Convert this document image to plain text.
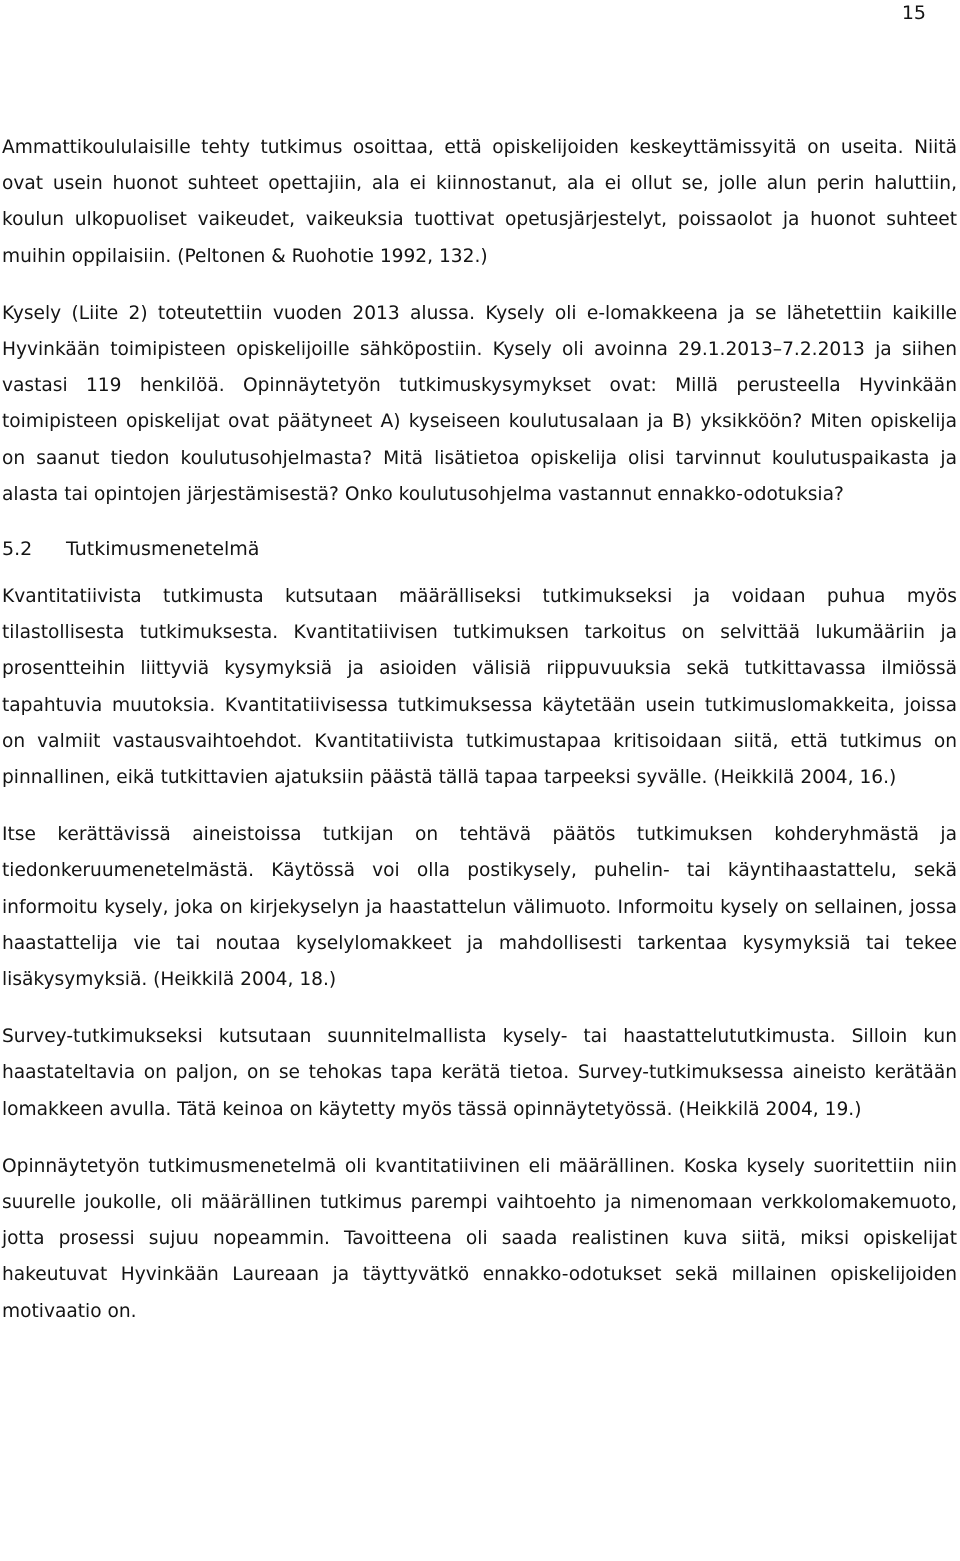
15

Ammattikoululaisille tehty tutkimus osoittaa, että opiskelijoiden keskeyttämissyitä on useita. Niitä ovat usein huonot suhteet opettajiin, ala ei kiinnostanut, ala ei ollut se, jolle alun perin haluttiin, koulun ulkopuoliset vaikeudet, vaikeuksia tuottivat opetusjärjestelyt, poissaolot ja huonot suhteet muihin oppilaisiin. (Peltonen & Ruohotie 1992, 132.)

Kysely (Liite 2) toteutettiin vuoden 2013 alussa. Kysely oli e-lomakkeena ja se lähetettiin kaikille Hyvinkään toimipisteen opiskelijoille sähköpostiin. Kysely oli avoinna 29.1.2013–7.2.2013 ja siihen vastasi 119 henkilöä. Opinnäytetyön tutkimuskysymykset ovat: Millä perusteella Hyvinkään toimipisteen opiskelijat ovat päätyneet A) kyseiseen koulutusalaan ja B) yksikköön? Miten opiskelija on saanut tiedon koulutusohjelmasta? Mitä lisätietoa opiskelija olisi tarvinnut koulutuspaikasta ja alasta tai opintojen järjestämisestä? Onko koulutusohjelma vastannut ennakko-odotuksia?

5.2	Tutkimusmenetelmä

Kvantitatiivista tutkimusta kutsutaan määrälliseksi tutkimukseksi ja voidaan puhua myös tilastollisesta tutkimuksesta. Kvantitatiivisen tutkimuksen tarkoitus on selvittää lukumääriin ja prosentteihin liittyviä kysymyksiä ja asioiden välisiä riippuvuuksia sekä tutkittavassa ilmiössä tapahtuvia muutoksia. Kvantitatiivisessa tutkimuksessa käytetään usein tutkimuslomakkeita, joissa on valmiit vastausvaihtoehdot. Kvantitatiivista tutkimustapaa kritisoidaan siitä, että tutkimus on pinnallinen, eikä tutkittavien ajatuksiin päästä tällä tapaa tarpeeksi syvälle. (Heikkilä 2004, 16.)

Itse kerättävissä aineistoissa tutkijan on tehtävä päätös tutkimuksen kohderyhmästä ja tiedonkeruumenetelmästä. Käytössä voi olla postikysely, puhelin- tai käyntihaastattelu, sekä informoitu kysely, joka on kirjekyselyn ja haastattelun välimuoto. Informoitu kysely on sellainen, jossa haastattelija vie tai noutaa kyselylomakkeet ja mahdollisesti tarkentaa kysymyksiä tai tekee lisäkysymyksiä. (Heikkilä 2004, 18.)

Survey-tutkimukseksi kutsutaan suunnitelmallista kysely- tai haastattelututkimusta. Silloin kun haastateltavia on paljon, on se tehokas tapa kerätä tietoa. Survey-tutkimuksessa aineisto kerätään lomakkeen avulla. Tätä keinoa on käytetty myös tässä opinnäytetyössä. (Heikkilä 2004, 19.)

Opinnäytetyön tutkimusmenetelmä oli kvantitatiivinen eli määrällinen. Koska kysely suoritettiin niin suurelle joukolle, oli määrällinen tutkimus parempi vaihtoehto ja nimenomaan verkkolomakemuoto, jotta prosessi sujuu nopeammin. Tavoitteena oli saada realistinen kuva siitä, miksi opiskelijat hakeutuvat Hyvinkään Laureaan ja täyttyvätkö ennakko-odotukset sekä millainen opiskelijoiden motivaatio on.
